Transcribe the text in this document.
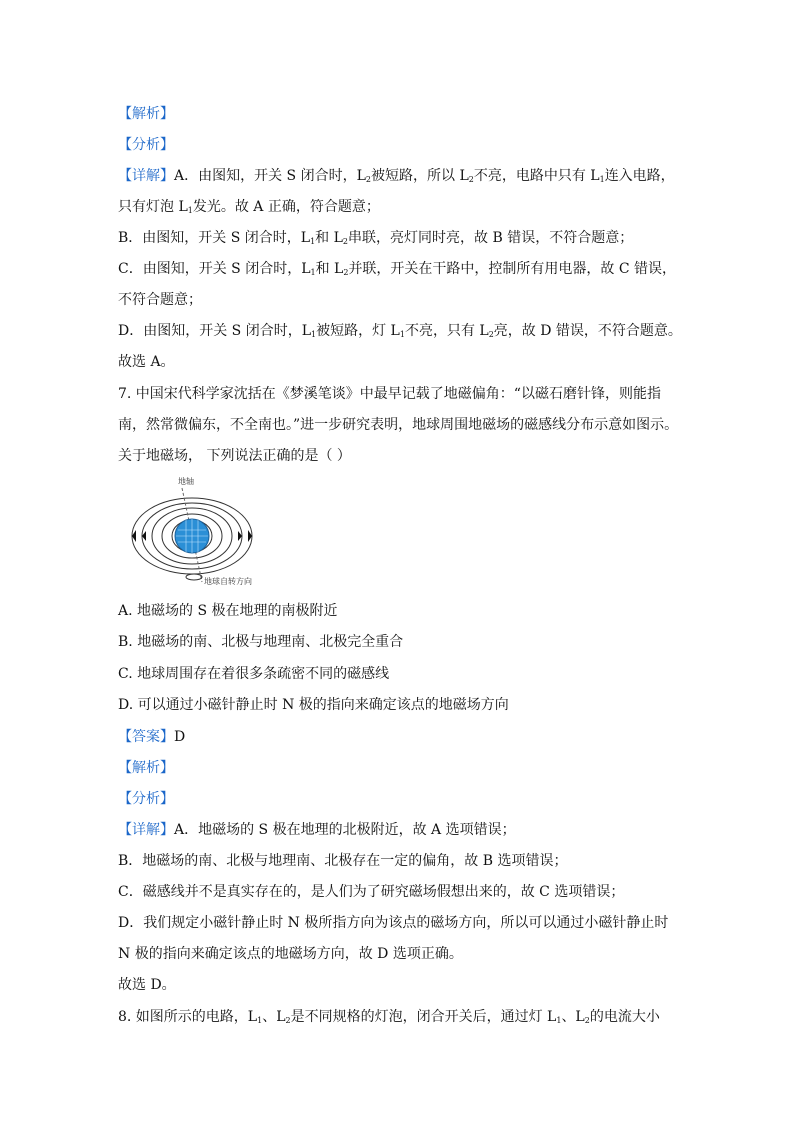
【解析】
【分析】
【详解】A．由图知，开关 S 闭合时，$L_2$被短路，所以 $L_2$不亮，电路中只有 $L_1$连入电路，
只有灯泡 $L_1$发光。故 A 正确，符合题意；
B．由图知，开关 S 闭合时，$L_1$和 $L_2$串联，亮灯同时亮，故 B 错误，不符合题意；
C．由图知，开关 S 闭合时，$L_1$和 $L_2$并联，开关在干路中，控制所有用电器，故 C 错误，
不符合题意；
D．由图知，开关 S 闭合时，$L_1$被短路，灯 $L_1$不亮，只有 $L_2$亮，故 D 错误，不符合题意。
故选 A。
7. 中国宋代科学家沈括在《梦溪笔谈》中最早记载了地磁偏角：“以磁石磨针锋，则能指
南，然常微偏东，不全南也。”进一步研究表明，地球周围地磁场的磁感线分布示意如图示。
关于地磁场， 下列说法正确的是（ ）
地轴
地球自转方向
A. 地磁场的 S 极在地理的南极附近
B. 地磁场的南、北极与地理南、北极完全重合
C. 地球周围存在着很多条疏密不同的磁感线
D. 可以通过小磁针静止时 N 极的指向来确定该点的地磁场方向
【答案】D
【解析】
【分析】
【详解】A．地磁场的 S 极在地理的北极附近，故 A 选项错误；
B．地磁场的南、北极与地理南、北极存在一定的偏角，故 B 选项错误；
C．磁感线并不是真实存在的，是人们为了研究磁场假想出来的，故 C 选项错误；
D．我们规定小磁针静止时 N 极所指方向为该点的磁场方向，所以可以通过小磁针静止时
N 极的指向来确定该点的地磁场方向，故 D 选项正确。
故选 D。
8. 如图所示的电路，$L_1$、$L_2$是不同规格的灯泡，闭合开关后，通过灯 $L_1$、$L_2$的电流大小
